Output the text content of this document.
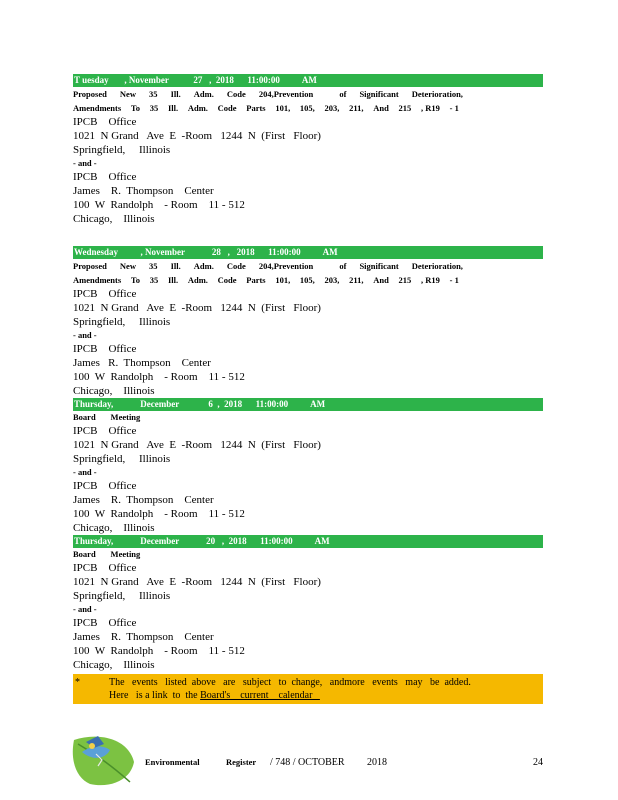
T uesday       , November           27   ,  2018      11:00:00          AM
Proposed New 35 Ill. Adm. Code 204,Prevention	of Significant Deterioration,
Amendments To 35 Ill. Adm. Code Parts 101, 105, 203, 211, And 215 , R19 - 1
IPCB    Office
1021  N Grand   Ave  E  -Room   1244  N  (First   Floor)
Springfield,     Illinois
- and -
IPCB    Office
James    R.  Thompson    Center
100  W  Randolph    - Room    11 - 512
Chicago,    Illinois
Wednesday          , November            28   ,   2018      11:00:00          AM
Proposed New 35 Ill. Adm. Code 204,Prevention	of Significant Deterioration,
Amendments To 35 Ill. Adm. Code Parts 101, 105, 203, 211, And 215 , R19 - 1
IPCB    Office
1021  N Grand   Ave  E  -Room   1244  N  (First   Floor)
Springfield,     Illinois
- and -
IPCB    Office
James   R.  Thompson    Center
100  W  Randolph    - Room    11 - 512
Chicago,    Illinois
Thursday,            December             6  ,  2018      11:00:00          AM
Board       Meeting
IPCB    Office
1021  N Grand   Ave  E  -Room   1244  N  (First   Floor)
Springfield,     Illinois
- and -
IPCB    Office
James    R.  Thompson    Center
100  W  Randolph    - Room    11 - 512
Chicago,    Illinois
Thursday,            December            20   ,  2018      11:00:00          AM
Board       Meeting
IPCB    Office
1021  N Grand   Ave  E  -Room   1244  N  (First   Floor)
Springfield,     Illinois
- and -
IPCB    Office
James    R.  Thompson    Center
100  W  Randolph    - Room    11 - 512
Chicago,    Illinois
*	The   events   listed  above   are   subject   to  change,   andmore   events   may   be  added.
Here   is a link  to  the Board's    current    calendar
Environmental	Register / 748 / OCTOBER         2018	24
